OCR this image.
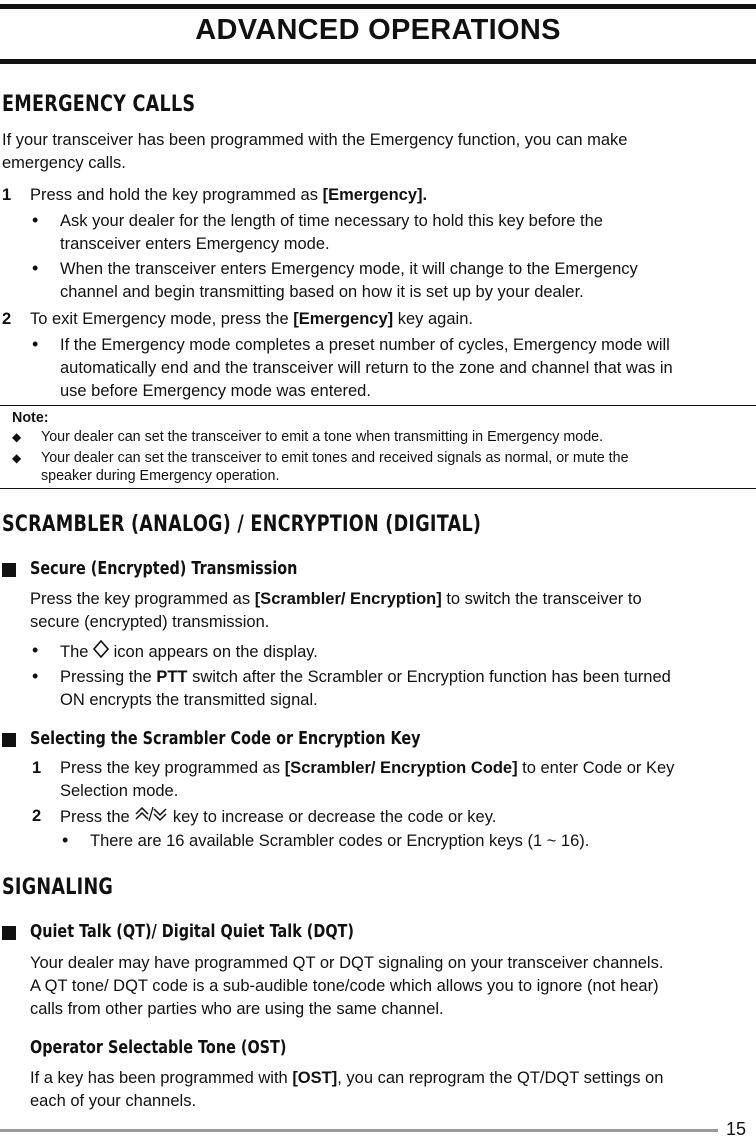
ADVANCED OPERATIONS
EMERGENCY CALLS
If your transceiver has been programmed with the Emergency function, you can make
emergency calls.
1 Press and hold the key programmed as [Emergency].
• Ask your dealer for the length of time necessary to hold this key before the
transceiver enters Emergency mode.
• When the transceiver enters Emergency mode, it will change to the Emergency
channel and begin transmitting based on how it is set up by your dealer.
2 To exit Emergency mode, press the [Emergency] key again.
• If the Emergency mode completes a preset number of cycles, Emergency mode will
automatically end and the transceiver will return to the zone and channel that was in
use before Emergency mode was entered.
Note:
◆ Your dealer can set the transceiver to emit a tone when transmitting in Emergency mode.
◆ Your dealer can set the transceiver to emit tones and received signals as normal, or mute the
speaker during Emergency operation.
SCRAMBLER (ANALOG) / ENCRYPTION (DIGITAL)
Secure (Encrypted) Transmission
Press the key programmed as [Scrambler/ Encryption] to switch the transceiver to
secure (encrypted) transmission.
• The  icon appears on the display.
• Pressing the PTT switch after the Scrambler or Encryption function has been turned
ON encrypts the transmitted signal.
Selecting the Scrambler Code or Encryption Key
1 Press the key programmed as [Scrambler/ Encryption Code] to enter Code or Key
Selection mode.
2 Press the  key to increase or decrease the code or key.
• There are 16 available Scrambler codes or Encryption keys (1 ~ 16).
SIGNALING
Quiet Talk (QT)/ Digital Quiet Talk (DQT)
Your dealer may have programmed QT or DQT signaling on your transceiver channels.
A QT tone/ DQT code is a sub-audible tone/code which allows you to ignore (not hear)
calls from other parties who are using the same channel.
Operator Selectable Tone (OST)
If a key has been programmed with [OST], you can reprogram the QT/DQT settings on
each of your channels.
15
